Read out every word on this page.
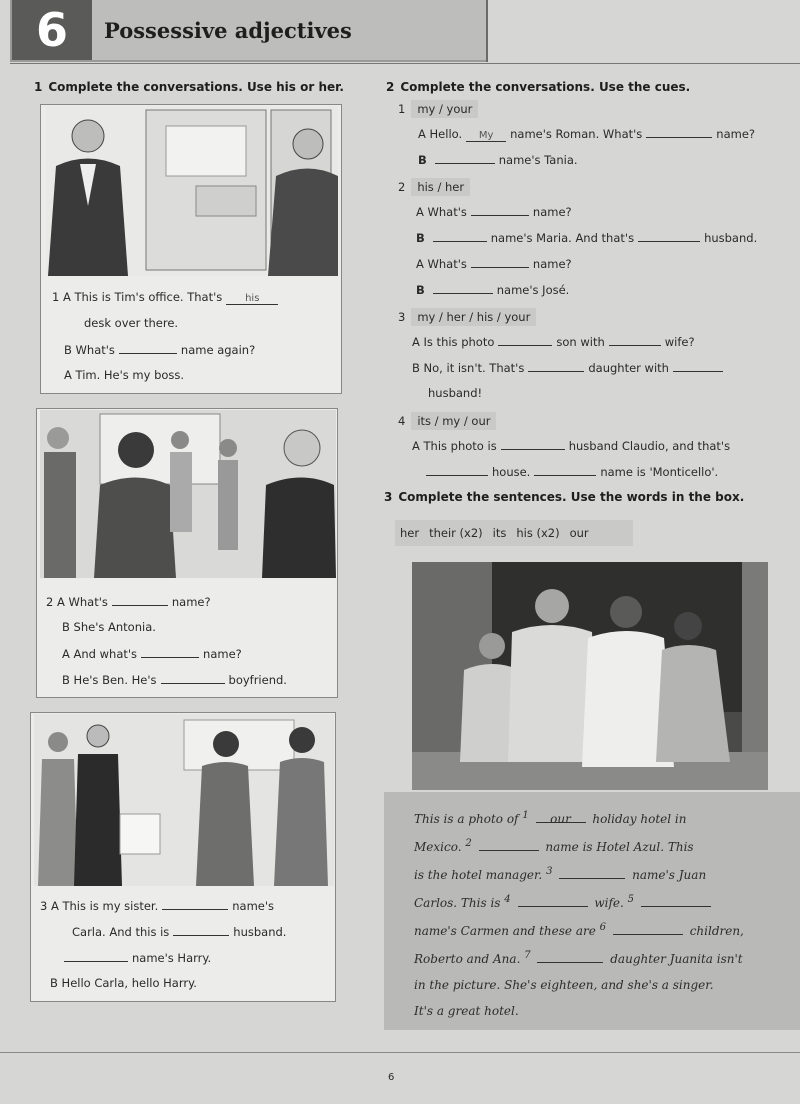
6	Possessive adjectives
1 Complete the conversations. Use his or her.
1 A This is Tim's office. That's his
desk over there.
B What's	name again?
A Tim. He's my boss.
2 A What's	name?
B She's Antonia.
A And what's	name?
B He's Ben. He's	boyfriend.
3 A This is my sister.	name's
Carla. And this is	husband.
name's Harry.
B Hello Carla, hello Harry.
2 Complete the conversations. Use the cues.
1 my / your
A Hello. My name's Roman. What's	name?
B	name's Tania.
2 his / her
A What's	name?
B	name's Maria. And that's	husband.
A What's	name?
B	name's José.
3 my / her / his / your
A Is this photo	son with	wife?
B No, it isn't. That's	daughter with
husband!
4 its / my / our
A This photo is	husband Claudio, and that's
house.	name is 'Monticello'.
3 Complete the sentences. Use the words in the box.
her their (x2) its his (x2) our
This is a photo of $^1$ our holiday hotel in
Mexico. $^2$	name is Hotel Azul. This
is the hotel manager. $^3$	name's Juan
Carlos. This is $^4$	wife. $^5$
name's Carmen and these are $^6$	children,
Roberto and Ana. $^7$	daughter Juanita isn't
in the picture. She's eighteen, and she's a singer.
It's a great hotel.
6
